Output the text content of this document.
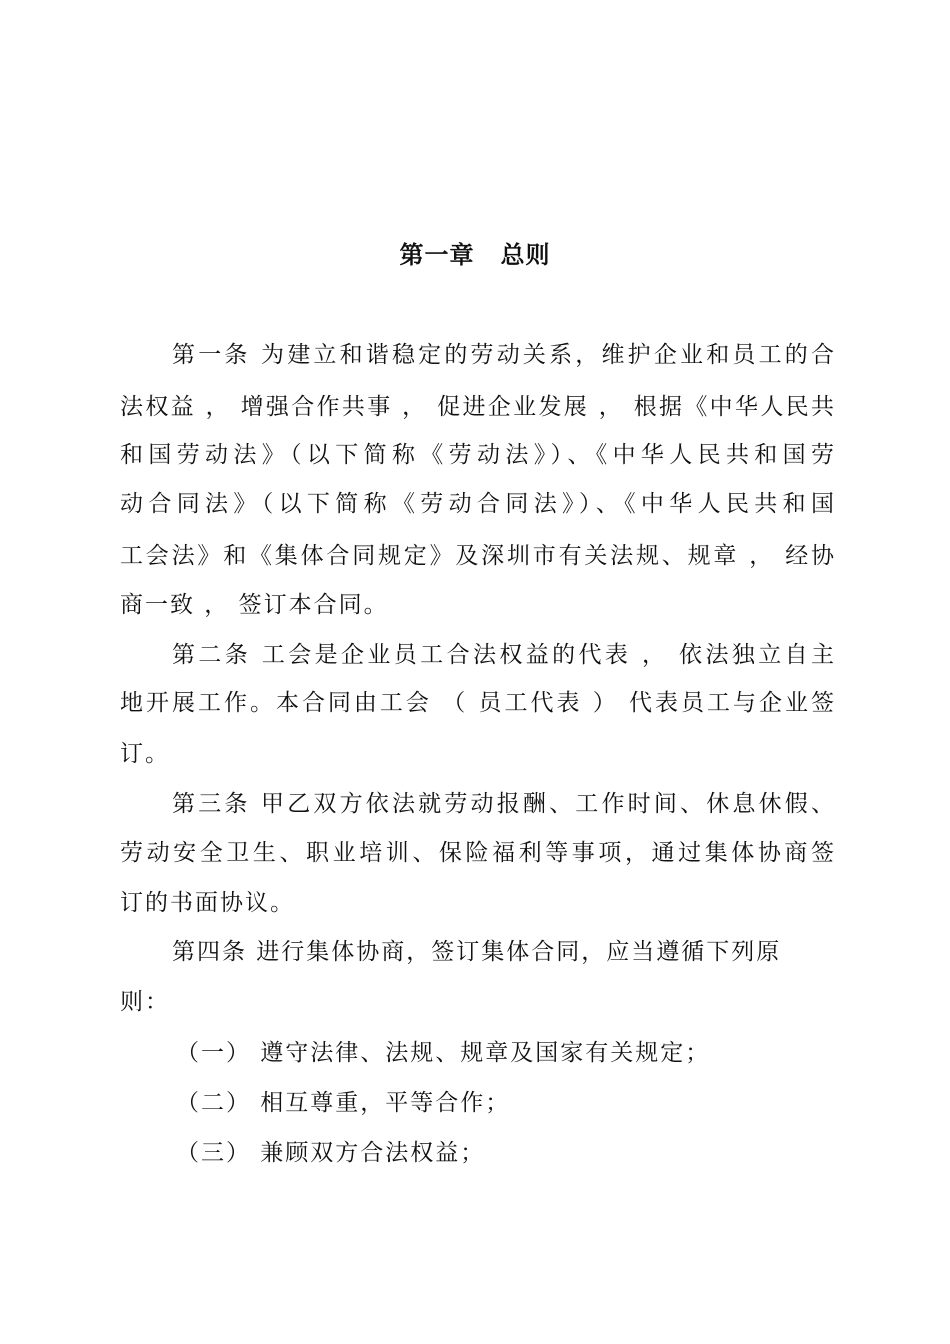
第一章 总则
第一条 为建立和谐稳定的劳动关系，维护企业和员工的合
法权益 ， 增强合作共事 ， 促进企业发展 ， 根据《中华人民共
和国劳动法》（以下简称《劳动法》）、《中华人民共和国劳
动合同法》（以下简称《劳动合同法》）、《中华人民共和国
工会法》和《集体合同规定》及深圳市有关法规、规章 ， 经协
商一致 ， 签订本合同。
第二条 工会是企业员工合法权益的代表 ， 依法独立自主
地开展工作。本合同由工会 （ 员工代表 ） 代表员工与企业签
订。
第三条 甲乙双方依法就劳动报酬、工作时间、休息休假、
劳动安全卫生、职业培训、保险福利等事项，通过集体协商签
订的书面协议。
第四条 进行集体协商，签订集体合同，应当遵循下列原
则：
（一） 遵守法律、法规、规章及国家有关规定；
（二） 相互尊重，平等合作；
（三） 兼顾双方合法权益；
